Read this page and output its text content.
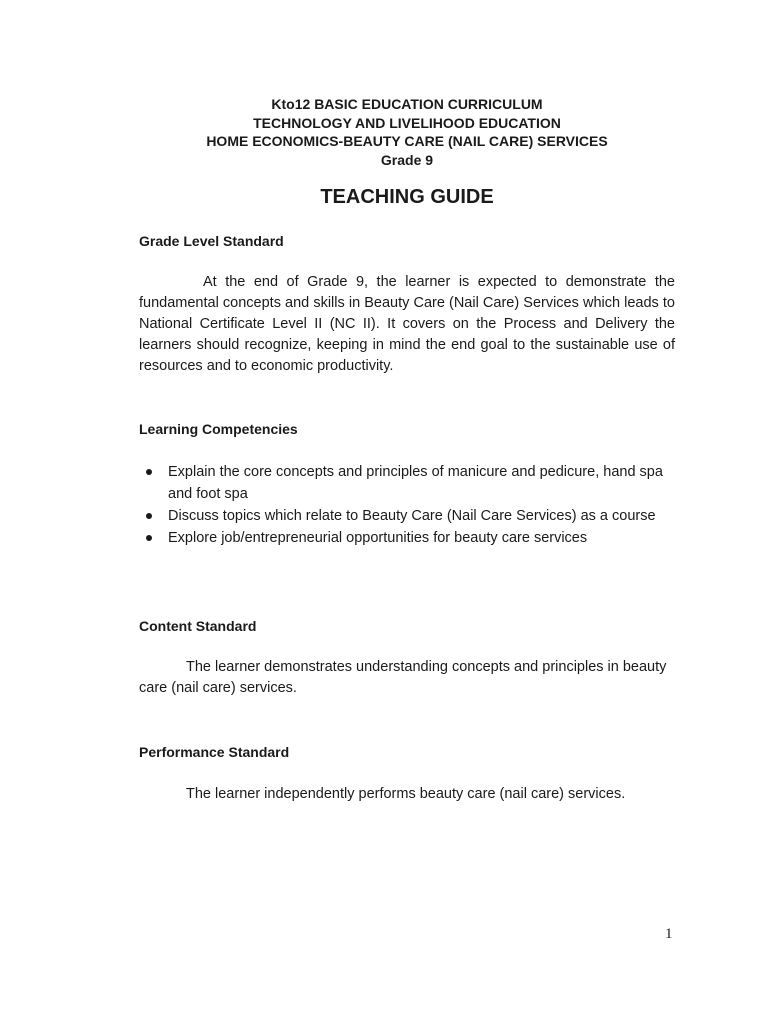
Kto12 BASIC EDUCATION CURRICULUM

TECHNOLOGY AND LIVELIHOOD EDUCATION

HOME ECONOMICS-BEAUTY CARE (NAIL CARE) SERVICES

Grade 9

TEACHING GUIDE
Grade Level Standard

At the end of Grade 9, the learner is expected to demonstrate the fundamental concepts and skills in Beauty Care (Nail Care) Services which leads to National Certificate Level II (NC II). It covers on the Process and Delivery the learners should recognize, keeping in mind the end goal to the sustainable use of resources and to economic productivity.

Learning Competencies
Explain the core concepts and principles of manicure and pedicure, hand spa and foot spa
Discuss topics which relate to Beauty Care (Nail Care Services) as a course
Explore job/entrepreneurial opportunities for beauty care services
Content Standard

The learner demonstrates understanding concepts and principles in beauty care (nail care) services.

Performance Standard

The learner independently performs beauty care (nail care) services.

1
